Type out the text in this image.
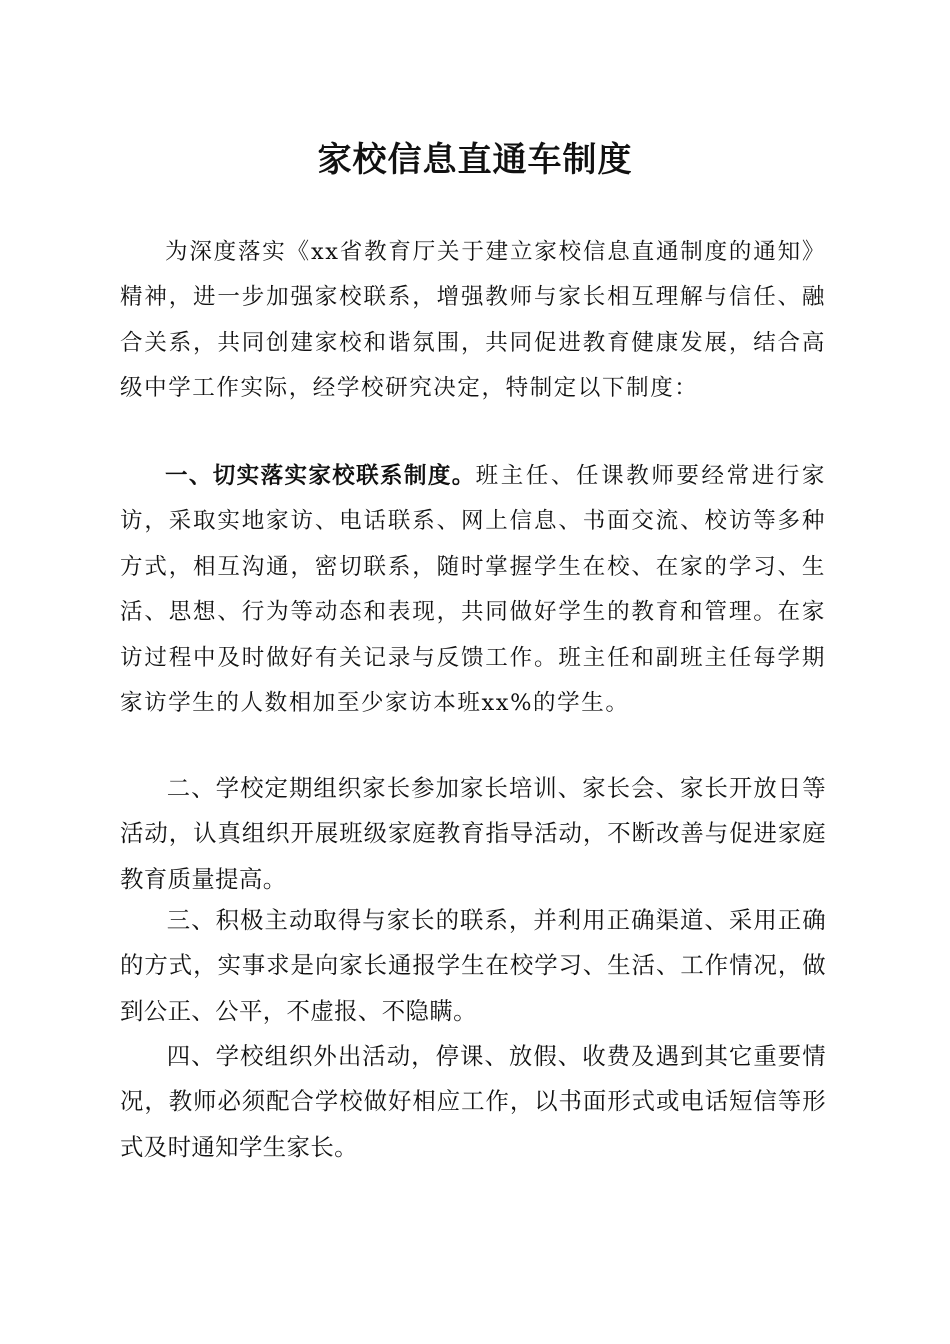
家校信息直通车制度

为深度落实《xx省教育厅关于建立家校信息直通制度的通知》精神，进一步加强家校联系，增强教师与家长相互理解与信任、融合关系，共同创建家校和谐氛围，共同促进教育健康发展，结合高级中学工作实际，经学校研究决定，特制定以下制度：

一、切实落实家校联系制度。班主任、任课教师要经常进行家访，采取实地家访、电话联系、网上信息、书面交流、校访等多种方式，相互沟通，密切联系，随时掌握学生在校、在家的学习、生活、思想、行为等动态和表现，共同做好学生的教育和管理。在家访过程中及时做好有关记录与反馈工作。班主任和副班主任每学期家访学生的人数相加至少家访本班xx%的学生。

二、学校定期组织家长参加家长培训、家长会、家长开放日等活动，认真组织开展班级家庭教育指导活动，不断改善与促进家庭教育质量提高。

三、积极主动取得与家长的联系，并利用正确渠道、采用正确的方式，实事求是向家长通报学生在校学习、生活、工作情况，做到公正、公平，不虚报、不隐瞒。

四、学校组织外出活动，停课、放假、收费及遇到其它重要情况，教师必须配合学校做好相应工作，以书面形式或电话短信等形式及时通知学生家长。
